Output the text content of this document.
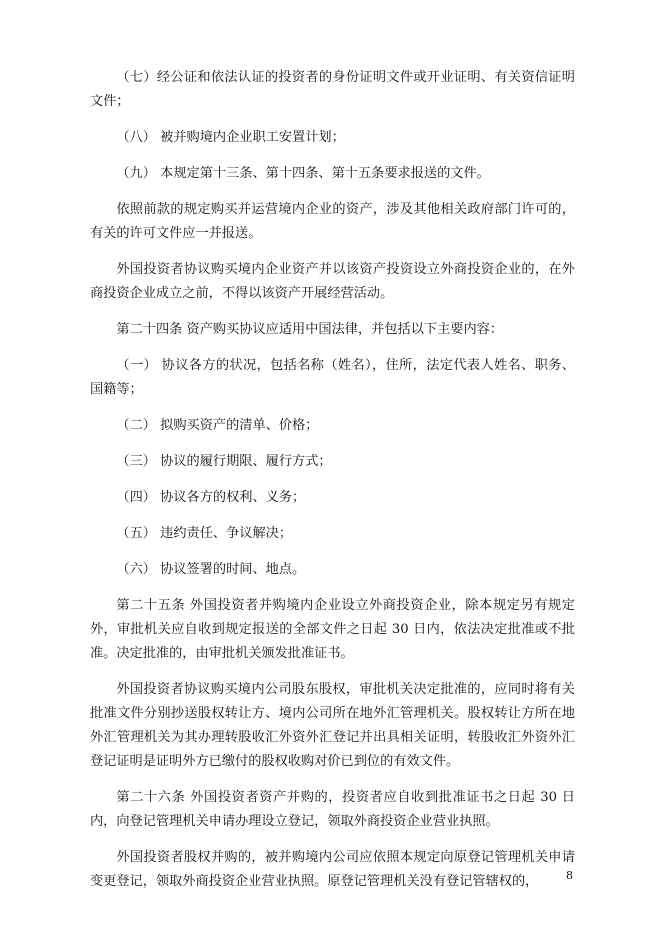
（七）经公证和依法认证的投资者的身份证明文件或开业证明、有关资信证明文件；

（八） 被并购境内企业职工安置计划；

（九） 本规定第十三条、第十四条、第十五条要求报送的文件。

依照前款的规定购买并运营境内企业的资产，涉及其他相关政府部门许可的，有关的许可文件应一并报送。

外国投资者协议购买境内企业资产并以该资产投资设立外商投资企业的，在外商投资企业成立之前，不得以该资产开展经营活动。

第二十四条 资产购买协议应适用中国法律，并包括以下主要内容：

（一） 协议各方的状况，包括名称（姓名），住所，法定代表人姓名、职务、国籍等；

（二） 拟购买资产的清单、价格；

（三） 协议的履行期限、履行方式；

（四） 协议各方的权利、义务；

（五） 违约责任、争议解决；

（六） 协议签署的时间、地点。

第二十五条 外国投资者并购境内企业设立外商投资企业，除本规定另有规定外，审批机关应自收到规定报送的全部文件之日起 30 日内，依法决定批准或不批准。决定批准的，由审批机关颁发批准证书。

外国投资者协议购买境内公司股东股权，审批机关决定批准的，应同时将有关批准文件分别抄送股权转让方、境内公司所在地外汇管理机关。股权转让方所在地外汇管理机关为其办理转股收汇外资外汇登记并出具相关证明，转股收汇外资外汇登记证明是证明外方已缴付的股权收购对价已到位的有效文件。

第二十六条 外国投资者资产并购的，投资者应自收到批准证书之日起 30 日内，向登记管理机关申请办理设立登记，领取外商投资企业营业执照。

外国投资者股权并购的，被并购境内公司应依照本规定向原登记管理机关申请变更登记，领取外商投资企业营业执照。原登记管理机关没有登记管辖权的，	8
